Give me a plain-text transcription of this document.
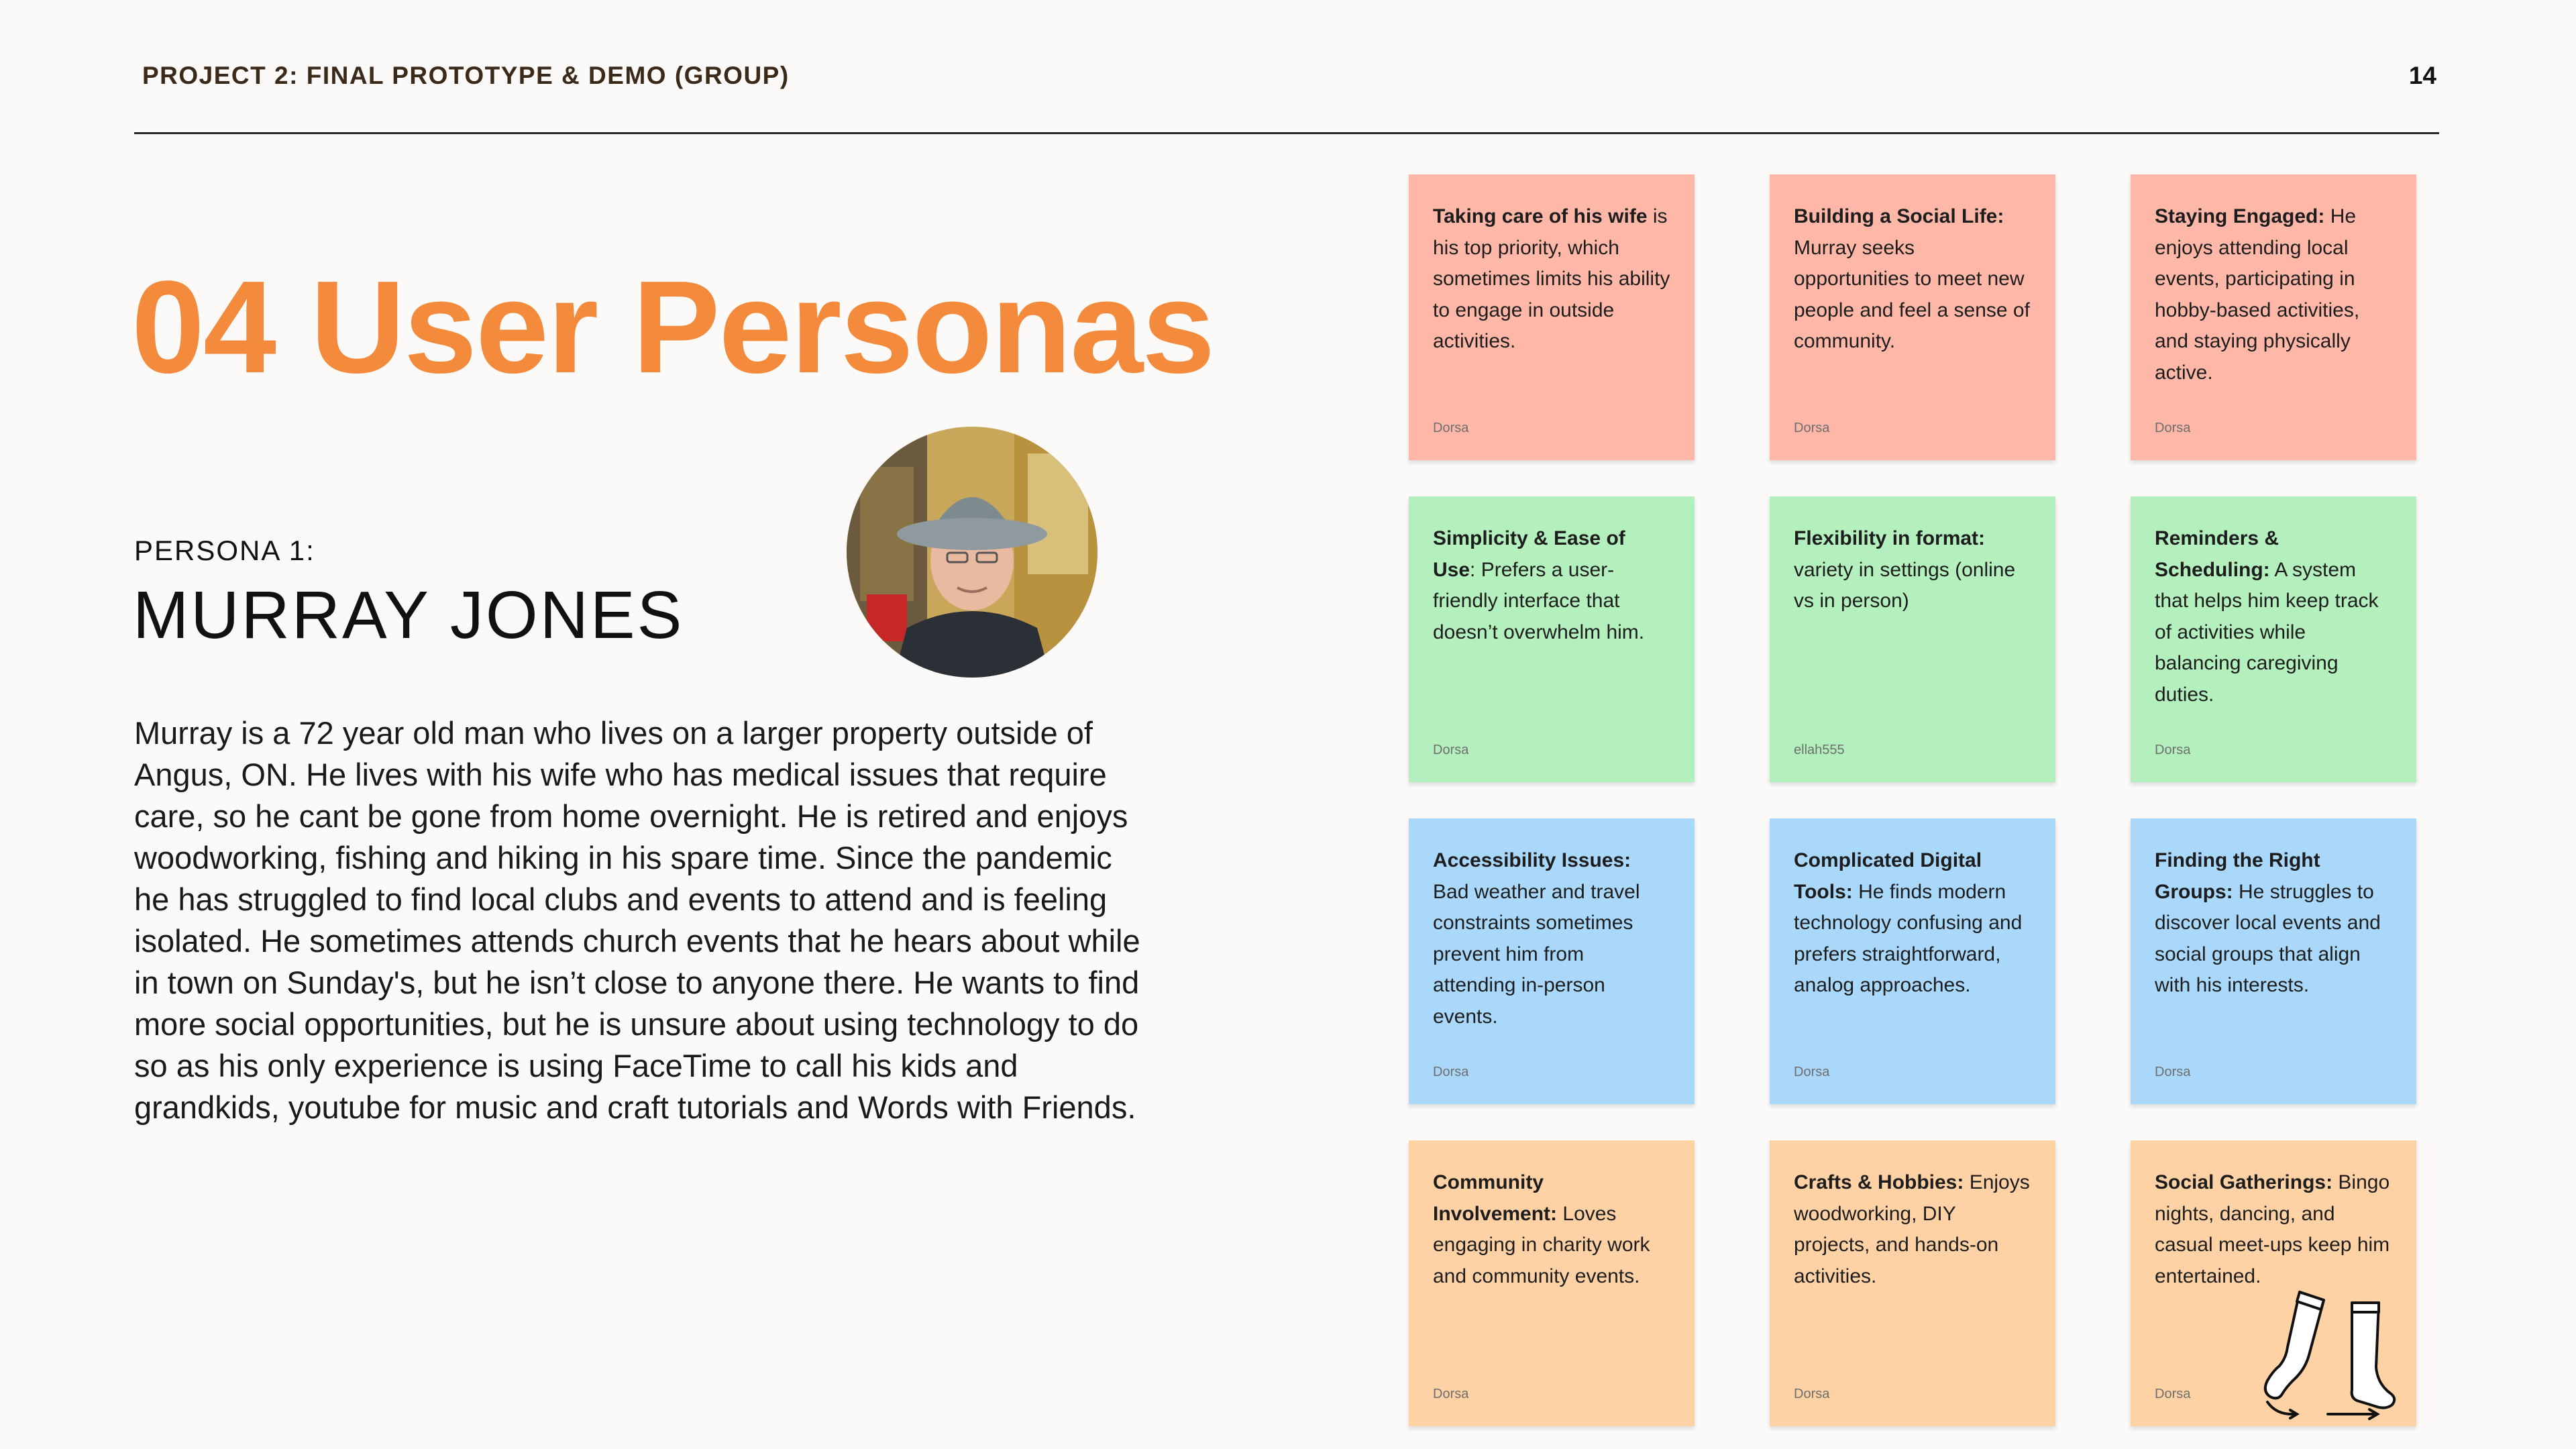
PROJECT 2: FINAL PROTOTYPE & DEMO (GROUP)	14
04 User Personas
PERSONA 1:
MURRAY JONES

Murray is a 72 year old man who lives on a larger property outside of Angus, ON. He lives with his wife who has medical issues that require care, so he cant be gone from home overnight. He is retired and enjoys woodworking, fishing and hiking in his spare time. Since the pandemic he has struggled to find local clubs and events to attend and is feeling isolated. He sometimes attends church events that he hears about while in town on Sunday's, but he isn’t close to anyone there. He wants to find more social opportunities, but he is unsure about using technology to do so as his only experience is using FaceTime to call his kids and grandkids, youtube for music and craft tutorials and Words with Friends.

Taking care of his wife is his top priority, which sometimes limits his ability to engage in outside activities.
Dorsa
Building a Social Life: Murray seeks opportunities to meet new people and feel a sense of community.
Dorsa
Staying Engaged: He enjoys attending local events, participating in hobby-based activities, and staying physically active.
Dorsa
Simplicity & Ease of Use: Prefers a user-friendly interface that doesn’t overwhelm him.
Dorsa
Flexibility in format: variety in settings (online vs in person)
ellah555
Reminders & Scheduling: A system that helps him keep track of activities while balancing caregiving duties.
Dorsa
Accessibility Issues: Bad weather and travel constraints sometimes prevent him from attending in-person events.
Dorsa
Complicated Digital Tools: He finds modern technology confusing and prefers straightforward, analog approaches.
Dorsa
Finding the Right Groups: He struggles to discover local events and social groups that align with his interests.
Dorsa
Community Involvement: Loves engaging in charity work and community events.
Dorsa
Crafts & Hobbies: Enjoys woodworking, DIY projects, and hands-on activities.
Dorsa
Social Gatherings: Bingo nights, dancing, and casual meet-ups keep him entertained.
Dorsa
